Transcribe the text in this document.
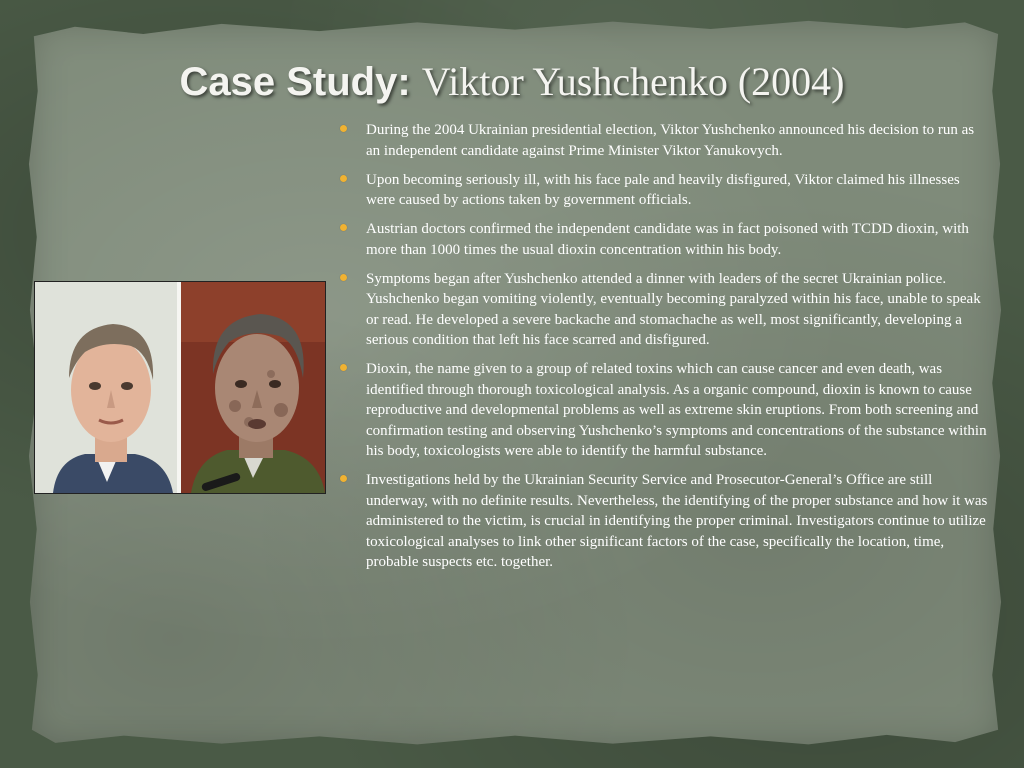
Case Study: Viktor Yushchenko (2004)
During the 2004 Ukrainian presidential election, Viktor Yushchenko announced his decision to run as an independent candidate against Prime Minister Viktor Yanukovych.
Upon becoming seriously ill, with his face pale and heavily disfigured, Viktor claimed his illnesses were caused by actions taken by government officials.
Austrian doctors confirmed the independent candidate was in fact poisoned with TCDD dioxin, with more than 1000 times the usual dioxin concentration within his body.
Symptoms began after Yushchenko attended a dinner with leaders of the secret Ukrainian police. Yushchenko began vomiting violently, eventually becoming paralyzed within his face, unable to speak or read. He developed a severe backache and stomachache as well, most significantly, developing a serious condition that left his face scarred and disfigured.
Dioxin, the name given to a group of related toxins which can cause cancer and even death, was identified through thorough toxicological analysis. As a organic compound, dioxin is known to cause reproductive and developmental problems as well as extreme skin eruptions. From both screening and confirmation testing and observing Yushchenko’s symptoms and concentrations of the substance within his body, toxicologists were able to identify the harmful substance.
Investigations held by the Ukrainian Security Service and Prosecutor-General’s Office are still underway, with no definite results. Nevertheless, the identifying of the proper substance and how it was administered to the victim, is crucial in identifying the proper criminal. Investigators continue to utilize toxicological analyses to link other significant factors of the case, specifically the location, time, probable suspects etc. together.
